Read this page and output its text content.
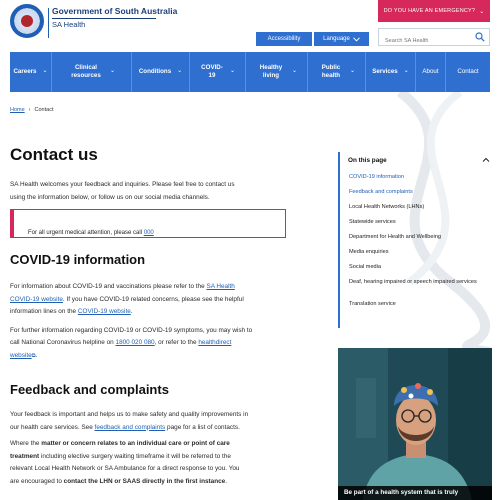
Government of South Australia
SA Health
DO YOU HAVE AN EMERGENCY? ⌄
Accessibility	Language
Search SA Health
Careers ⌄
Clinical resources
⌄	Conditions ⌄
COVID-19
⌄
Healthy living
⌄
Public health
⌄	Services ⌄ About	Contact
Home › Contact
Contact us
SA Health welcomes your feedback and inquiries. Please feel free to contact us
using the information below, or follow us on our social media channels.
For all urgent medical attention, please call 000
COVID-19 information
For information about COVID-19 and vaccinations please refer to the SA Health
COVID-19 website. If you have COVID-19 related concerns, please see the helpful
information lines on the COVID-19 website.
For further information regarding COVID-19 or COVID-19 symptoms, you may wish to
call National Coronavirus helpline on 1800 020 080, or refer to the healthdirect
website⧉.
Feedback and complaints
Your feedback is important and helps us to make safety and quality improvements in
our health care services. See feedback and complaints page for a list of contacts.
Where the matter or concern relates to an individual care or point of care
treatment including elective surgery waiting timeframe it will be referred to the
relevant Local Health Network or SA Ambulance for a direct response to you. You
are encouraged to contact the LHN or SAAS directly in the first instance.
On this page
COVID-19 information
Feedback and complaints
Local Health Networks (LHNs)
Statewide services
Department for Health and Wellbeing
Media enquiries
Social media
Deaf, hearing impaired or speech impaired services
Translation service
Be part of a health system that is truly
